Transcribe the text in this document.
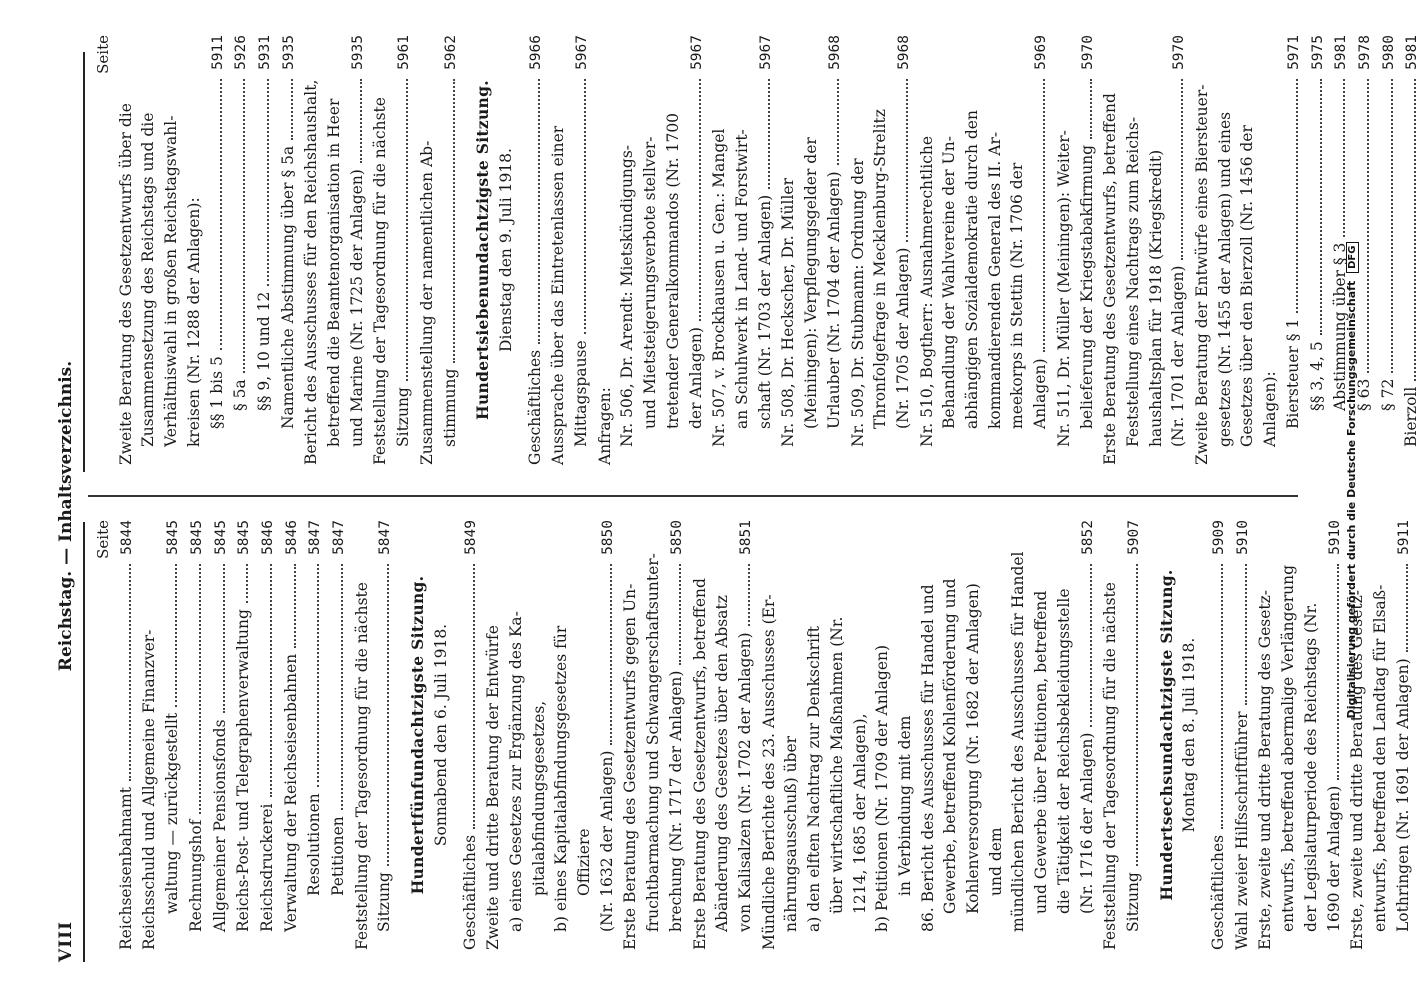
VIII
Reichstag. — Inhaltsverzeichnis. Seite
Reichseisenbahnamt
5844
Reichsschuld und Allgemeine Finanzver- waltung — zurückgestellt
5845
Rechnungshof
5845
Allgemeiner Pensionsfonds
5845
Reichs-Post- und Telegraphenverwaltung
5845
Reichsdruckerei
5846
Verwaltung der Reichseisenbahnen
5846
Resolutionen
5847
Petitionen
5847
Feststellung der Tagesordnung für die nächste Sitzung
5847
Hundertfünfundachtzigste Sitzung. Sonnabend den 6. Juli 1918.
Geschäftliches
5849
Zweite und dritte Beratung der Entwürfe a) eines Gesetzes zur Ergänzung des Ka- pitalabfindungsgesetzes, b) eines Kapitalabfindungsgesetzes für Offiziere (Nr. 1632 der Anlagen)
5850
Erste Beratung des Gesetzentwurfs gegen Un- fruchtbarmachung und Schwangerschaftsunter- brechung (Nr. 1717 der Anlagen)
5850
Erste Beratung des Gesetzentwurfs, betreffend Abänderung des Gesetzes über den Absatz von Kalisalzen (Nr. 1702 der Anlagen)
5851
Mündliche Berichte des 23. Ausschusses (Er- nährungsausschuß) über a) den elften Nachtrag zur Denkschrift über wirtschaftliche Maßnahmen (Nr. 1214, 1685 der Anlagen), b) Petitionen (Nr. 1709 der Anlagen) in Verbindung mit dem 86. Bericht des Ausschusses für Handel und Gewerbe, betreffend Kohlenförderung und Kohlenversorgung (Nr. 1682 der Anlagen) und dem mündlichen Bericht des Ausschusses für Handel und Gewerbe über Petitionen, betreffend die Tätigkeit der Reichsbekleidungsstelle (Nr. 1716 der Anlagen)
5852
Feststellung der Tagesordnung für die nächste Sitzung
5907
Hundertsechsundachtzigste Sitzung. Montag den 8. Juli 1918.
Geschäftliches
5909
Wahl zweier Hilfsschriftführer
5910
Erste, zweite und dritte Beratung des Gesetz- entwurfs, betreffend abermalige Verlängerung der Legislaturperiode des Reichstags (Nr. 1690 der Anlagen)
5910
Erste, zweite und dritte Beratung des Gesetz- entwurfs, betreffend den Landtag für Elsaß- Lothringen (Nr. 1691 der Anlagen)
5911
Seite
Zweite Beratung des Gesetzentwurfs über die Zusammensetzung des Reichstags und die Verhältniswahl in großen Reichstagswahl- kreisen (Nr. 1288 der Anlagen): §§ 1 bis 5
5911
§ 5a
5926
§§ 9, 10 und 12
5931
Namentliche Abstimmung über § 5a
5935
Bericht des Ausschusses für den Reichshaushalt, betreffend die Beamtenorganisation in Heer und Marine (Nr. 1725 der Anlagen)
5935
Feststellung der Tagesordnung für die nächste Sitzung
5961
Zusammenstellung der namentlichen Ab- stimmung
5962
Hundertsiebenundachtzigste Sitzung. Dienstag den 9. Juli 1918.
Geschäftliches
5966
Aussprache über das Eintretenlassen einer Mittagspause
5967
Anfragen: Nr. 506, Dr. Arendt: Mietskündigungs- und Mietsteigerungsverbote stellver- tretender Generalkommandos (Nr. 1700 der Anlagen)
5967
Nr. 507, v. Brockhausen u. Gen.: Mangel an Schuhwerk in Land- und Forstwirt- schaft (Nr. 1703 der Anlagen)
5967
Nr. 508, Dr. Heckscher, Dr. Müller (Meiningen): Verpflegungsgelder der Urlauber (Nr. 1704 der Anlagen)
5968
Nr. 509, Dr. Stubmann: Ordnung der Thronfolgefrage in Mecklenburg-Strelitz (Nr. 1705 der Anlagen)
5968
Nr. 510, Bogtherr: Ausnahmerechtliche Behandlung der Wahlvereine der Un- abhängigen Sozialdemokratie durch den kommandierenden General des II. Ar- meekorps in Stettin (Nr. 1706 der Anlagen)
5969
Nr. 511, Dr. Müller (Meiningen): Weiter- belieferung der Kriegstabakfirmung
5970
Erste Beratung des Gesetzentwurfs, betreffend Feststellung eines Nachtrags zum Reichs- haushaltsplan für 1918 (Kriegskredit) (Nr. 1701 der Anlagen)
5970
Zweite Beratung der Entwürfe eines Biersteuer- gesetzes (Nr. 1455 der Anlagen) und eines Gesetzes über den Bierzoll (Nr. 1456 der Anlagen): Biersteuer § 1
5971
§§ 3, 4, 5
5975
Abstimmung über § 3
5981
§ 63
5978
§ 72
5980
Bierzoll
5981
Digitalisierung gefördert durch die Deutsche Forschungsgemeinschaft DFG
